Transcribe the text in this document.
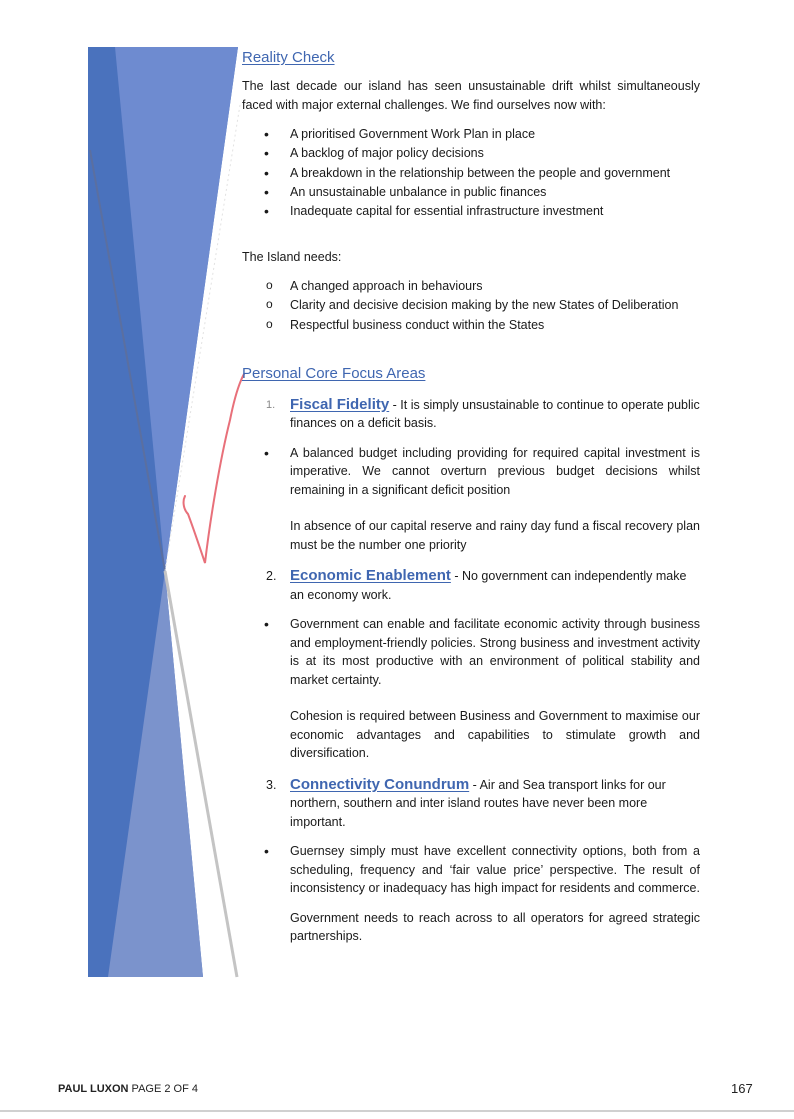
Reality Check

The last decade our island has seen unsustainable drift whilst simultaneously faced with major external challenges. We find ourselves now with:

• A prioritised Government Work Plan in place
• A backlog of major policy decisions
• A breakdown in the relationship between the people and government
• An unsustainable unbalance in public finances
• Inadequate capital for essential infrastructure investment

The Island needs:

o A changed approach in behaviours
o Clarity and decisive decision making by the new States of Deliberation
o Respectful business conduct within the States
Personal Core Focus Areas
1. Fiscal Fidelity - It is simply unsustainable to continue to operate public finances on a deficit basis.
• A balanced budget including providing for required capital investment is imperative. We cannot overturn previous budget decisions whilst remaining in a significant deficit position

In absence of our capital reserve and rainy day fund a fiscal recovery plan must be the number one priority

2. Economic Enablement - No government can independently make an economy work.
• Government can enable and facilitate economic activity through business and employment-friendly policies. Strong business and investment activity is at its most productive with an environment of political stability and market certainty.

Cohesion is required between Business and Government to maximise our economic advantages and capabilities to stimulate growth and diversification.

3. Connectivity Conundrum - Air and Sea transport links for our northern, southern and inter island routes have never been more important.
• Guernsey simply must have excellent connectivity options, both from a scheduling, frequency and ‘fair value price’ perspective. The result of inconsistency or inadequacy has high impact for residents and commerce.

Government needs to reach across to all operators for agreed strategic partnerships.

PAUL LUXON PAGE 2 OF 4	167
